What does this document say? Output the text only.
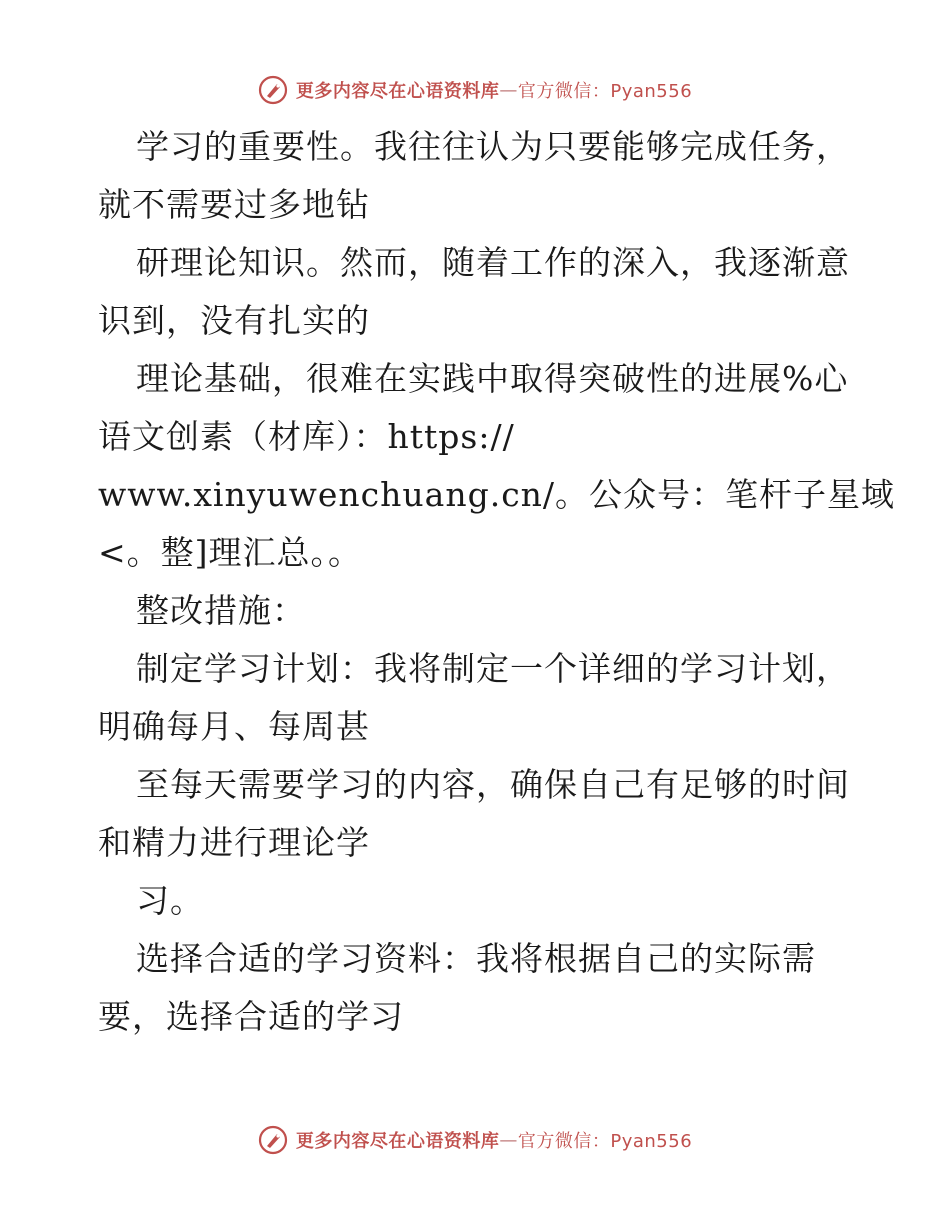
更多内容尽在心语资料库 — 官方微信：Pyan556
学习的重要性。我往往认为只要能够完成任务，
就不需要过多地钻
研理论知识。然而，随着工作的深入，我逐渐意
识到，没有扎实的
理论基础，很难在实践中取得突破性的进展%心
语文创素（材库）：https://
www.xinyuwenchuang.cn/。公众号：笔杆子星域
<。整]理汇总。。
整改措施：
制定学习计划：我将制定一个详细的学习计划，
明确每月、每周甚
至每天需要学习的内容，确保自己有足够的时间
和精力进行理论学
习。
选择合适的学习资料：我将根据自己的实际需
要，选择合适的学习
更多内容尽在心语资料库 — 官方微信：Pyan556
